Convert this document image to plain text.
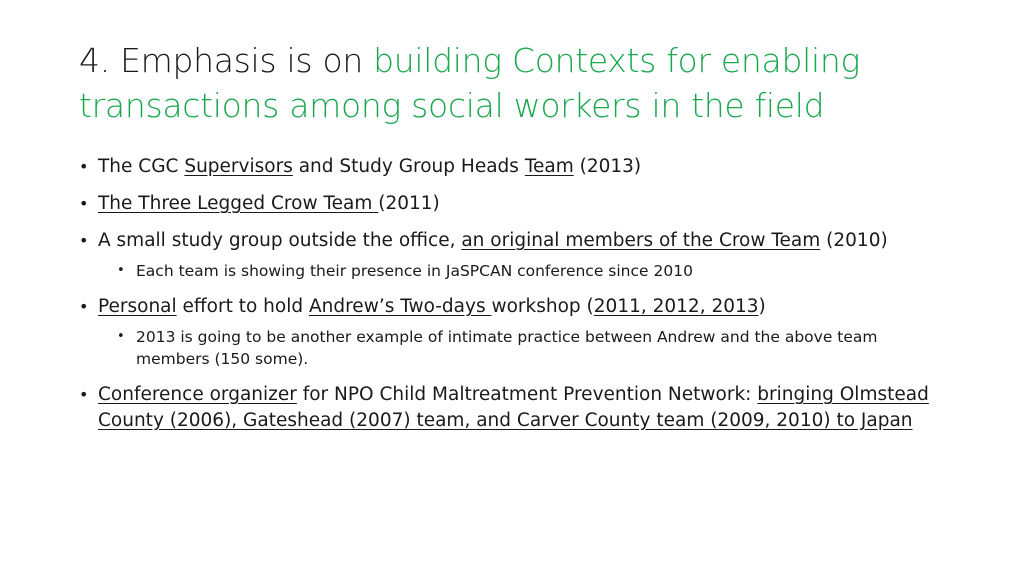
4. Emphasis is on building Contexts for enabling transactions among social workers in the field
• The CGC Supervisors and Study Group Heads Team (2013)
• The Three Legged Crow Team (2011)
• A small study group outside the office, an original members of the Crow Team (2010)
• Each team is showing their presence in JaSPCAN conference since 2010
• Personal effort to hold Andrew’s Two-days workshop (2011, 2012, 2013)
• 2013 is going to be another example of intimate practice between Andrew and the above team members (150 some).
• Conference organizer for NPO Child Maltreatment Prevention Network: bringing Olmstead County (2006), Gateshead (2007) team, and Carver County team (2009, 2010) to Japan
